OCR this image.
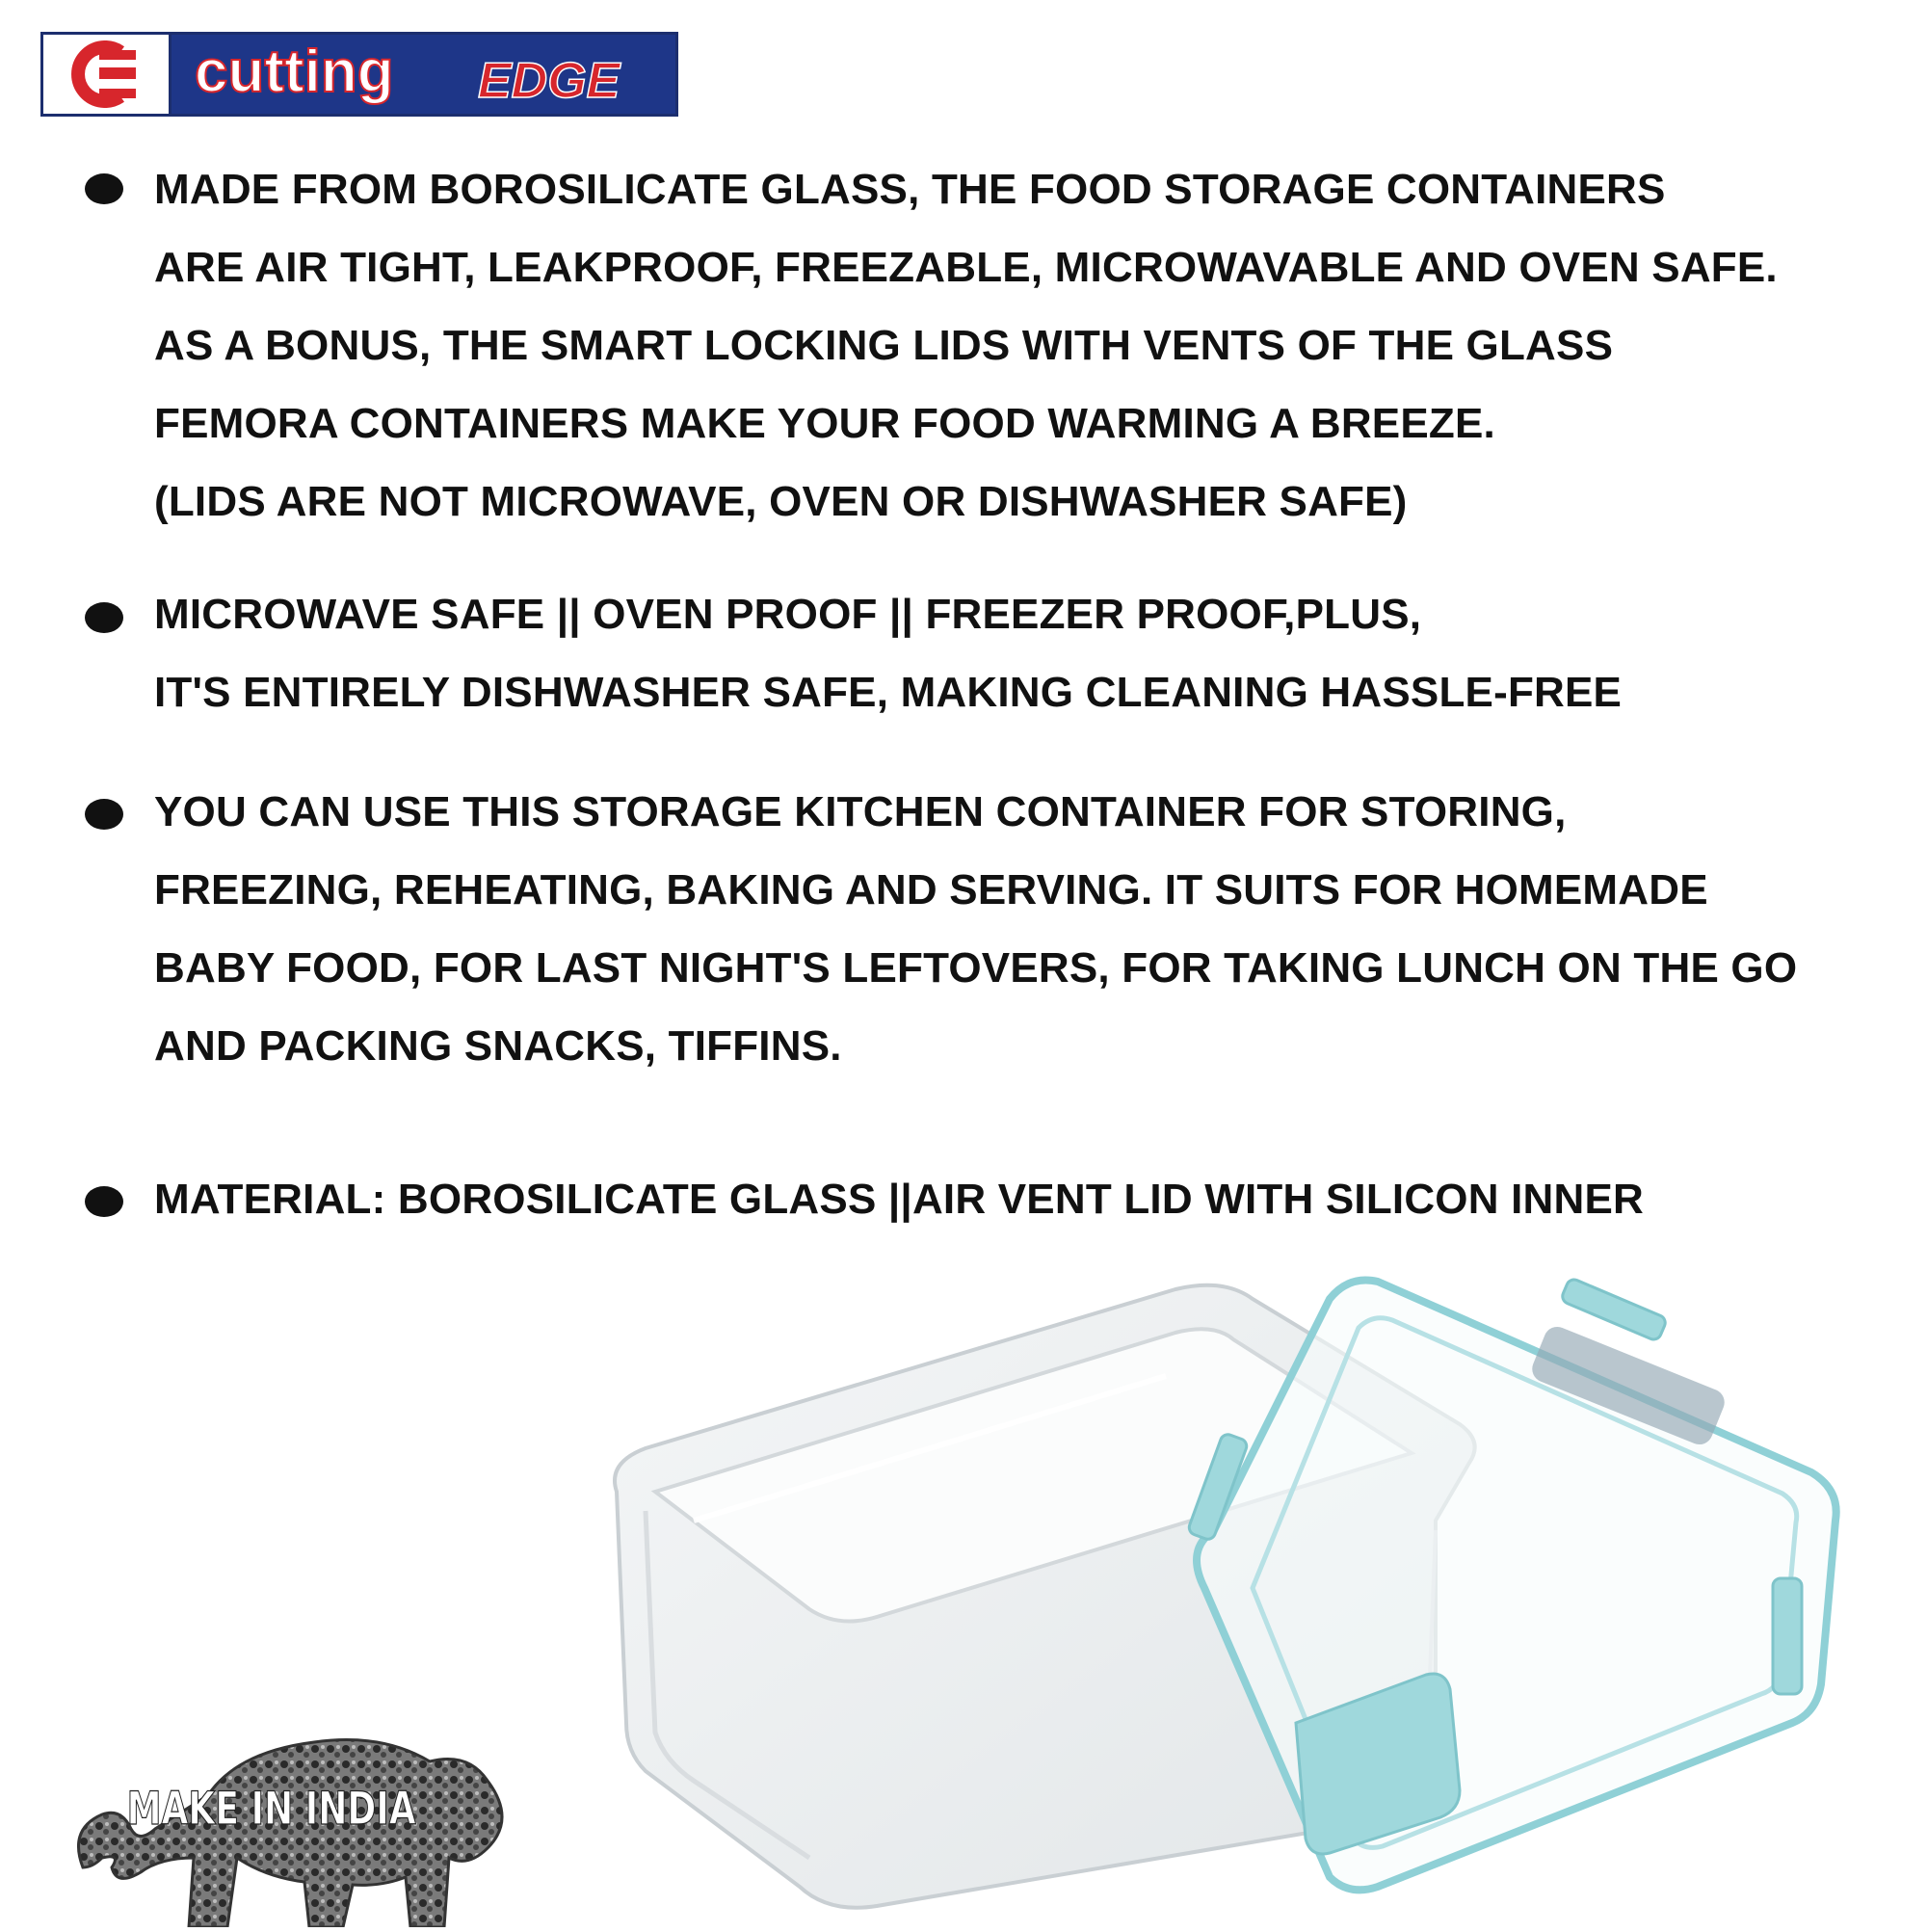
cutting EDGE
MADE FROM BOROSILICATE GLASS, THE FOOD STORAGE CONTAINERS
ARE AIR TIGHT, LEAKPROOF, FREEZABLE, MICROWAVABLE AND OVEN SAFE.
AS A BONUS, THE SMART LOCKING LIDS WITH VENTS OF THE GLASS
FEMORA CONTAINERS MAKE YOUR FOOD WARMING A BREEZE.
(LIDS ARE NOT MICROWAVE, OVEN OR DISHWASHER SAFE)
MICROWAVE SAFE || OVEN PROOF || FREEZER PROOF,PLUS,
IT'S ENTIRELY DISHWASHER SAFE, MAKING CLEANING HASSLE-FREE
YOU CAN USE THIS STORAGE KITCHEN CONTAINER FOR STORING,
FREEZING, REHEATING, BAKING AND SERVING. IT SUITS FOR HOMEMADE
BABY FOOD, FOR LAST NIGHT'S LEFTOVERS, FOR TAKING LUNCH ON THE GO
AND PACKING SNACKS, TIFFINS.
MATERIAL: BOROSILICATE GLASS ||AIR VENT LID WITH SILICON INNER
MAKE IN INDIA
